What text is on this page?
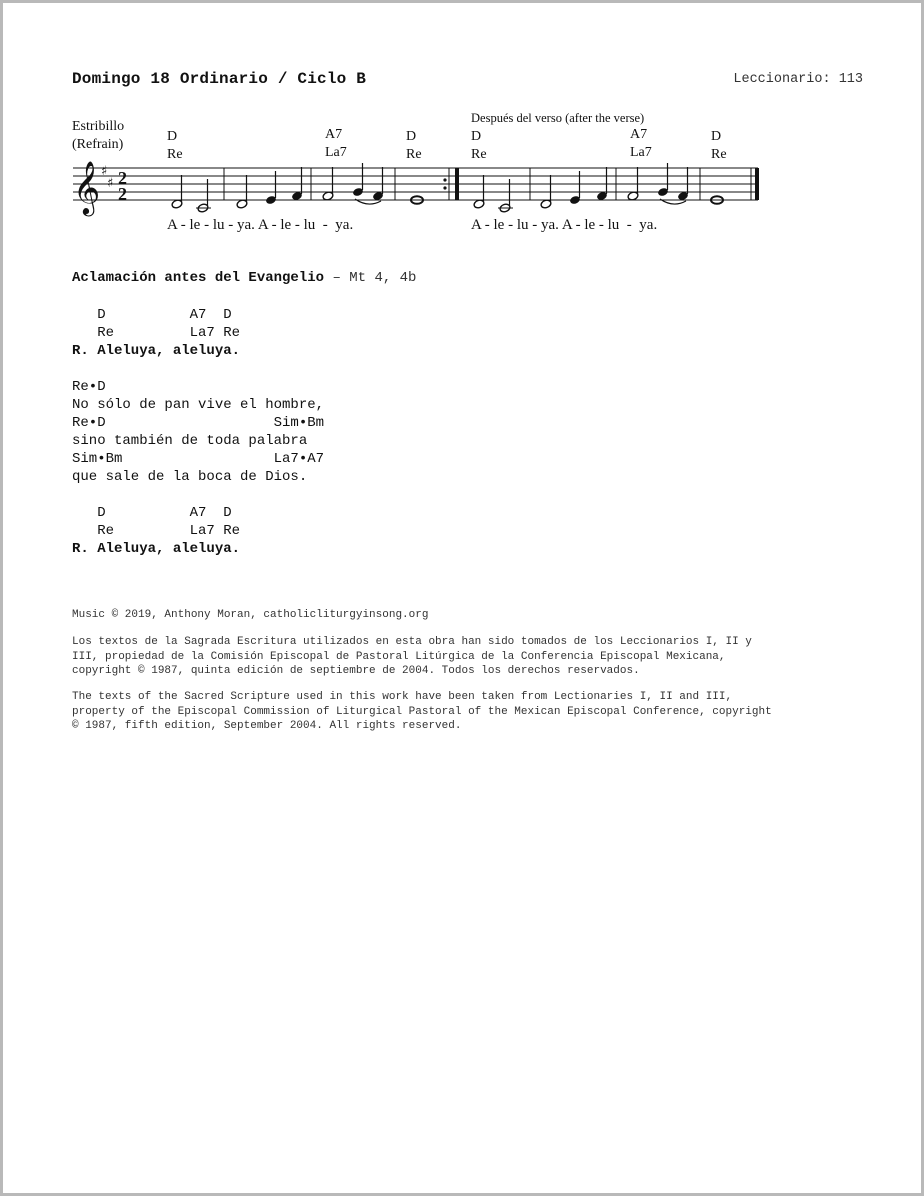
Domingo 18 Ordinario / Ciclo B	Leccionario: 113
Estribillo
(Refrain)
Después del verso (after the verse)
D
Re
A7
La7
D
Re
D
Re
A7
La7
D
Re
𝄞 ♯
♯ 2
2
A - le - lu - ya. A - le - lu  -  ya.	A - le - lu - ya. A - le - lu  -  ya.
Aclamación antes del Evangelio – Mt 4, 4b
D          A7  D
Re         La7 Re
R. Aleluya, aleluya.
Re•D
No sólo de pan vive el hombre,
Re•D                    Sim•Bm
sino también de toda palabra
Sim•Bm                  La7•A7
que sale de la boca de Dios.
D          A7  D
Re         La7 Re
R. Aleluya, aleluya.
Music © 2019, Anthony Moran, catholicliturgyinsong.org
Los textos de la Sagrada Escritura utilizados en esta obra han sido tomados de los Leccionarios I, II y
III, propiedad de la Comisión Episcopal de Pastoral Litúrgica de la Conferencia Episcopal Mexicana,
copyright © 1987, quinta edición de septiembre de 2004. Todos los derechos reservados.
The texts of the Sacred Scripture used in this work have been taken from Lectionaries I, II and III,
property of the Episcopal Commission of Liturgical Pastoral of the Mexican Episcopal Conference, copyright
© 1987, fifth edition, September 2004. All rights reserved.
